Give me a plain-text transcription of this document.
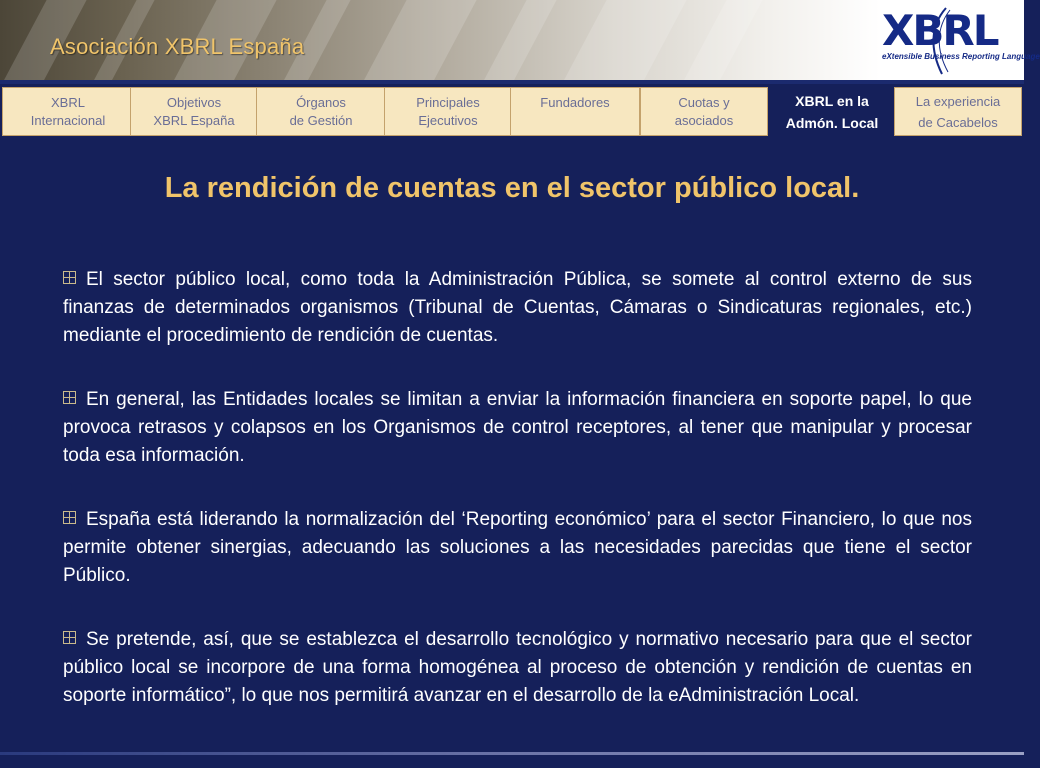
Asociación XBRL España	XBRL
eXtensible Business Reporting Language
XBRL
Internacional
Objetivos
XBRL España
Órganos
de Gestión
Principales
Ejecutivos
Fundadores	Cuotas y
asociados
XBRL en la
Admón. Local
La experiencia
de Cacabelos
La rendición de cuentas en el sector público local.

El sector público local, como toda la Administración Pública, se somete al control externo de sus finanzas de determinados organismos (Tribunal de Cuentas, Cámaras o Sindicaturas regionales, etc.) mediante el procedimiento de rendición de cuentas.

En general, las Entidades locales se limitan a enviar la información financiera en soporte papel, lo que provoca retrasos y colapsos en los Organismos de control receptores, al tener que manipular y procesar toda esa información.

España está liderando la normalización del ‘Reporting económico’ para el sector Financiero, lo que nos permite obtener sinergias, adecuando las soluciones a las necesidades parecidas que tiene el sector Público.

Se pretende, así, que se establezca el desarrollo tecnológico y normativo necesario para que el sector público local se incorpore de una forma homogénea al proceso de obtención y rendición de cuentas en soporte informático”, lo que nos permitirá avanzar en el desarrollo de la eAdministración Local.
